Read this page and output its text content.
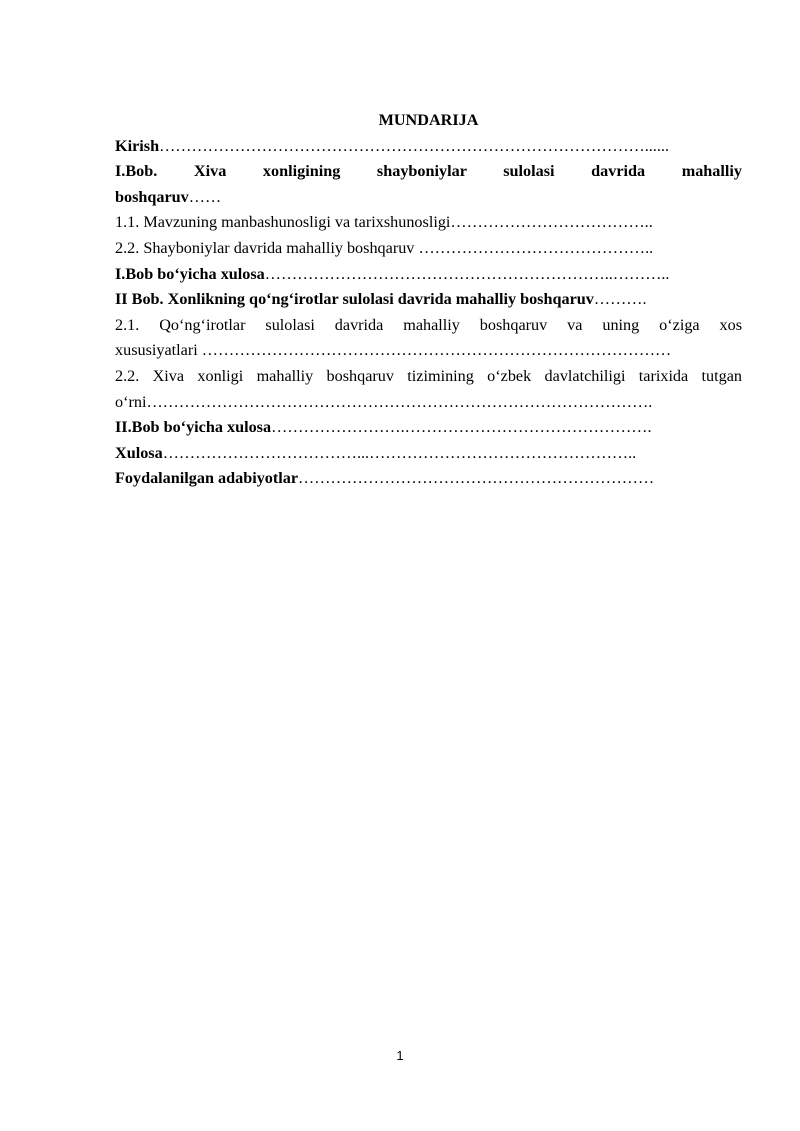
MUNDARIJA
Kirish………………………………………………………………………………......
I.Bob. Xiva xonligining shayboniylar sulolasi davrida mahalliy
boshqaruv……
1.1. Mavzuning manbashunosligi va tarixshunosligi………………………………..
2.2. Shayboniylar davrida mahalliy boshqaruv ……………………………………..
I.Bob bo‘yicha xulosa………………………………………………………..………..
II Bob. Xonlikning qo‘ng‘irotlar sulolasi davrida mahalliy boshqaruv……….
2.1. Qo‘ng‘irotlar sulolasi davrida mahalliy boshqaruv va uning o‘ziga xos
xususiyatlari ……………………………………………………………………………
2.2. Xiva xonligi mahalliy boshqaruv tizimining o‘zbek davlatchiligi tarixida tutgan
o‘rni………………………………………………………………………………….
II.Bob bo‘yicha xulosa…………………….……………………………………….
Xulosa………………………………...…………………………………………..
Foydalanilgan adabiyotlar…………………………………………………………
1
